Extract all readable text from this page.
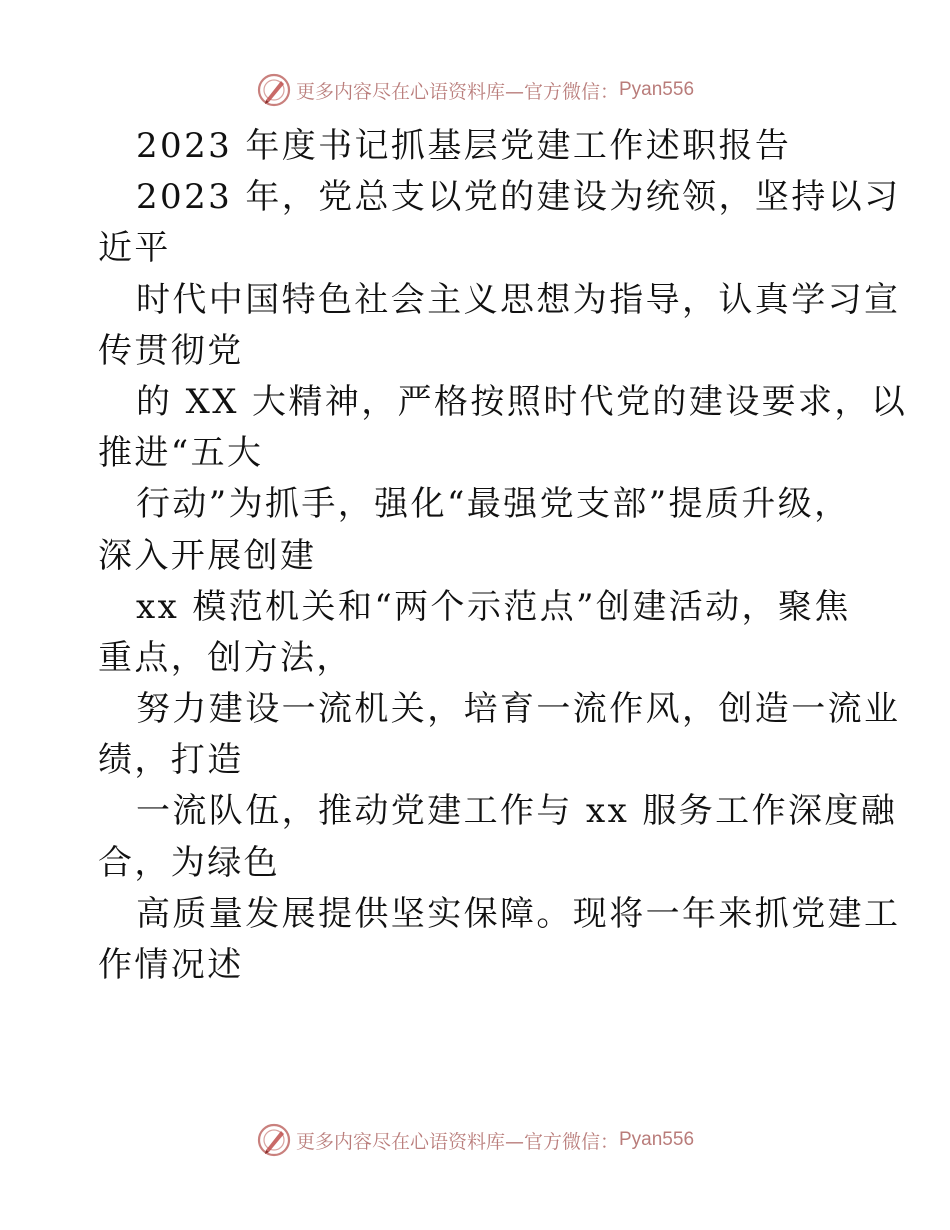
更多内容尽在心语资料库—官方微信： Pyan556
2023 年度书记抓基层党建工作述职报告
2023 年，党总支以党的建设为统领，坚持以习
近平
时代中国特色社会主义思想为指导，认真学习宣
传贯彻党
的 XX 大精神，严格按照时代党的建设要求，以
推进“五大
行动”为抓手，强化“最强党支部”提质升级，
深入开展创建
xx 模范机关和“两个示范点”创建活动，聚焦
重点，创方法，
努力建设一流机关，培育一流作风，创造一流业
绩，打造
一流队伍，推动党建工作与 xx 服务工作深度融
合，为绿色
高质量发展提供坚实保障。现将一年来抓党建工
作情况述
更多内容尽在心语资料库—官方微信： Pyan556
